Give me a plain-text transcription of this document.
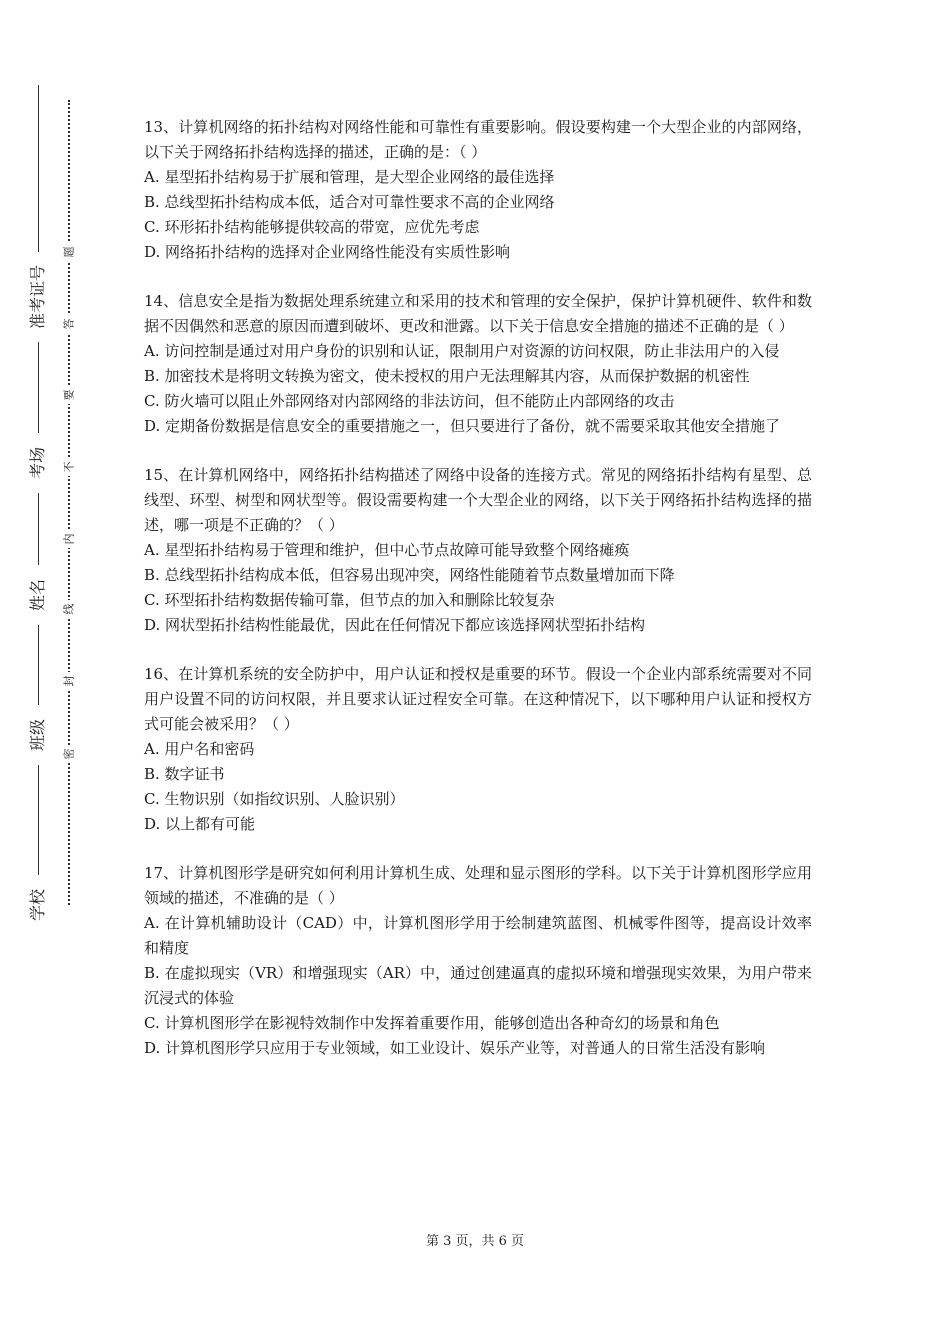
学校
班级
姓名
考场
准考证号
密
封
线
内
不
要
答
题

13、计算机网络的拓扑结构对网络性能和可靠性有重要影响。假设要构建一个大型企业的内部网络，以下关于网络拓扑结构选择的描述，正确的是：（ ）

A. 星型拓扑结构易于扩展和管理，是大型企业网络的最佳选择

B. 总线型拓扑结构成本低，适合对可靠性要求不高的企业网络

C. 环形拓扑结构能够提供较高的带宽，应优先考虑

D. 网络拓扑结构的选择对企业网络性能没有实质性影响

14、信息安全是指为数据处理系统建立和采用的技术和管理的安全保护，保护计算机硬件、软件和数据不因偶然和恶意的原因而遭到破坏、更改和泄露。以下关于信息安全措施的描述不正确的是（ ）

A. 访问控制是通过对用户身份的识别和认证，限制用户对资源的访问权限，防止非法用户的入侵

B. 加密技术是将明文转换为密文，使未授权的用户无法理解其内容，从而保护数据的机密性

C. 防火墙可以阻止外部网络对内部网络的非法访问，但不能防止内部网络的攻击

D. 定期备份数据是信息安全的重要措施之一，但只要进行了备份，就不需要采取其他安全措施了

15、在计算机网络中，网络拓扑结构描述了网络中设备的连接方式。常见的网络拓扑结构有星型、总线型、环型、树型和网状型等。假设需要构建一个大型企业的网络，以下关于网络拓扑结构选择的描述，哪一项是不正确的？（ ）

A. 星型拓扑结构易于管理和维护，但中心节点故障可能导致整个网络瘫痪

B. 总线型拓扑结构成本低，但容易出现冲突，网络性能随着节点数量增加而下降

C. 环型拓扑结构数据传输可靠，但节点的加入和删除比较复杂

D. 网状型拓扑结构性能最优，因此在任何情况下都应该选择网状型拓扑结构

16、在计算机系统的安全防护中，用户认证和授权是重要的环节。假设一个企业内部系统需要对不同用户设置不同的访问权限，并且要求认证过程安全可靠。在这种情况下，以下哪种用户认证和授权方式可能会被采用？（ ）

A. 用户名和密码

B. 数字证书

C. 生物识别（如指纹识别、人脸识别）

D. 以上都有可能

17、计算机图形学是研究如何利用计算机生成、处理和显示图形的学科。以下关于计算机图形学应用领域的描述，不准确的是（ ）

A. 在计算机辅助设计（CAD）中，计算机图形学用于绘制建筑蓝图、机械零件图等，提高设计效率和精度

B. 在虚拟现实（VR）和增强现实（AR）中，通过创建逼真的虚拟环境和增强现实效果，为用户带来沉浸式的体验

C. 计算机图形学在影视特效制作中发挥着重要作用，能够创造出各种奇幻的场景和角色

D. 计算机图形学只应用于专业领域，如工业设计、娱乐产业等，对普通人的日常生活没有影响

第 3 页，共 6 页
